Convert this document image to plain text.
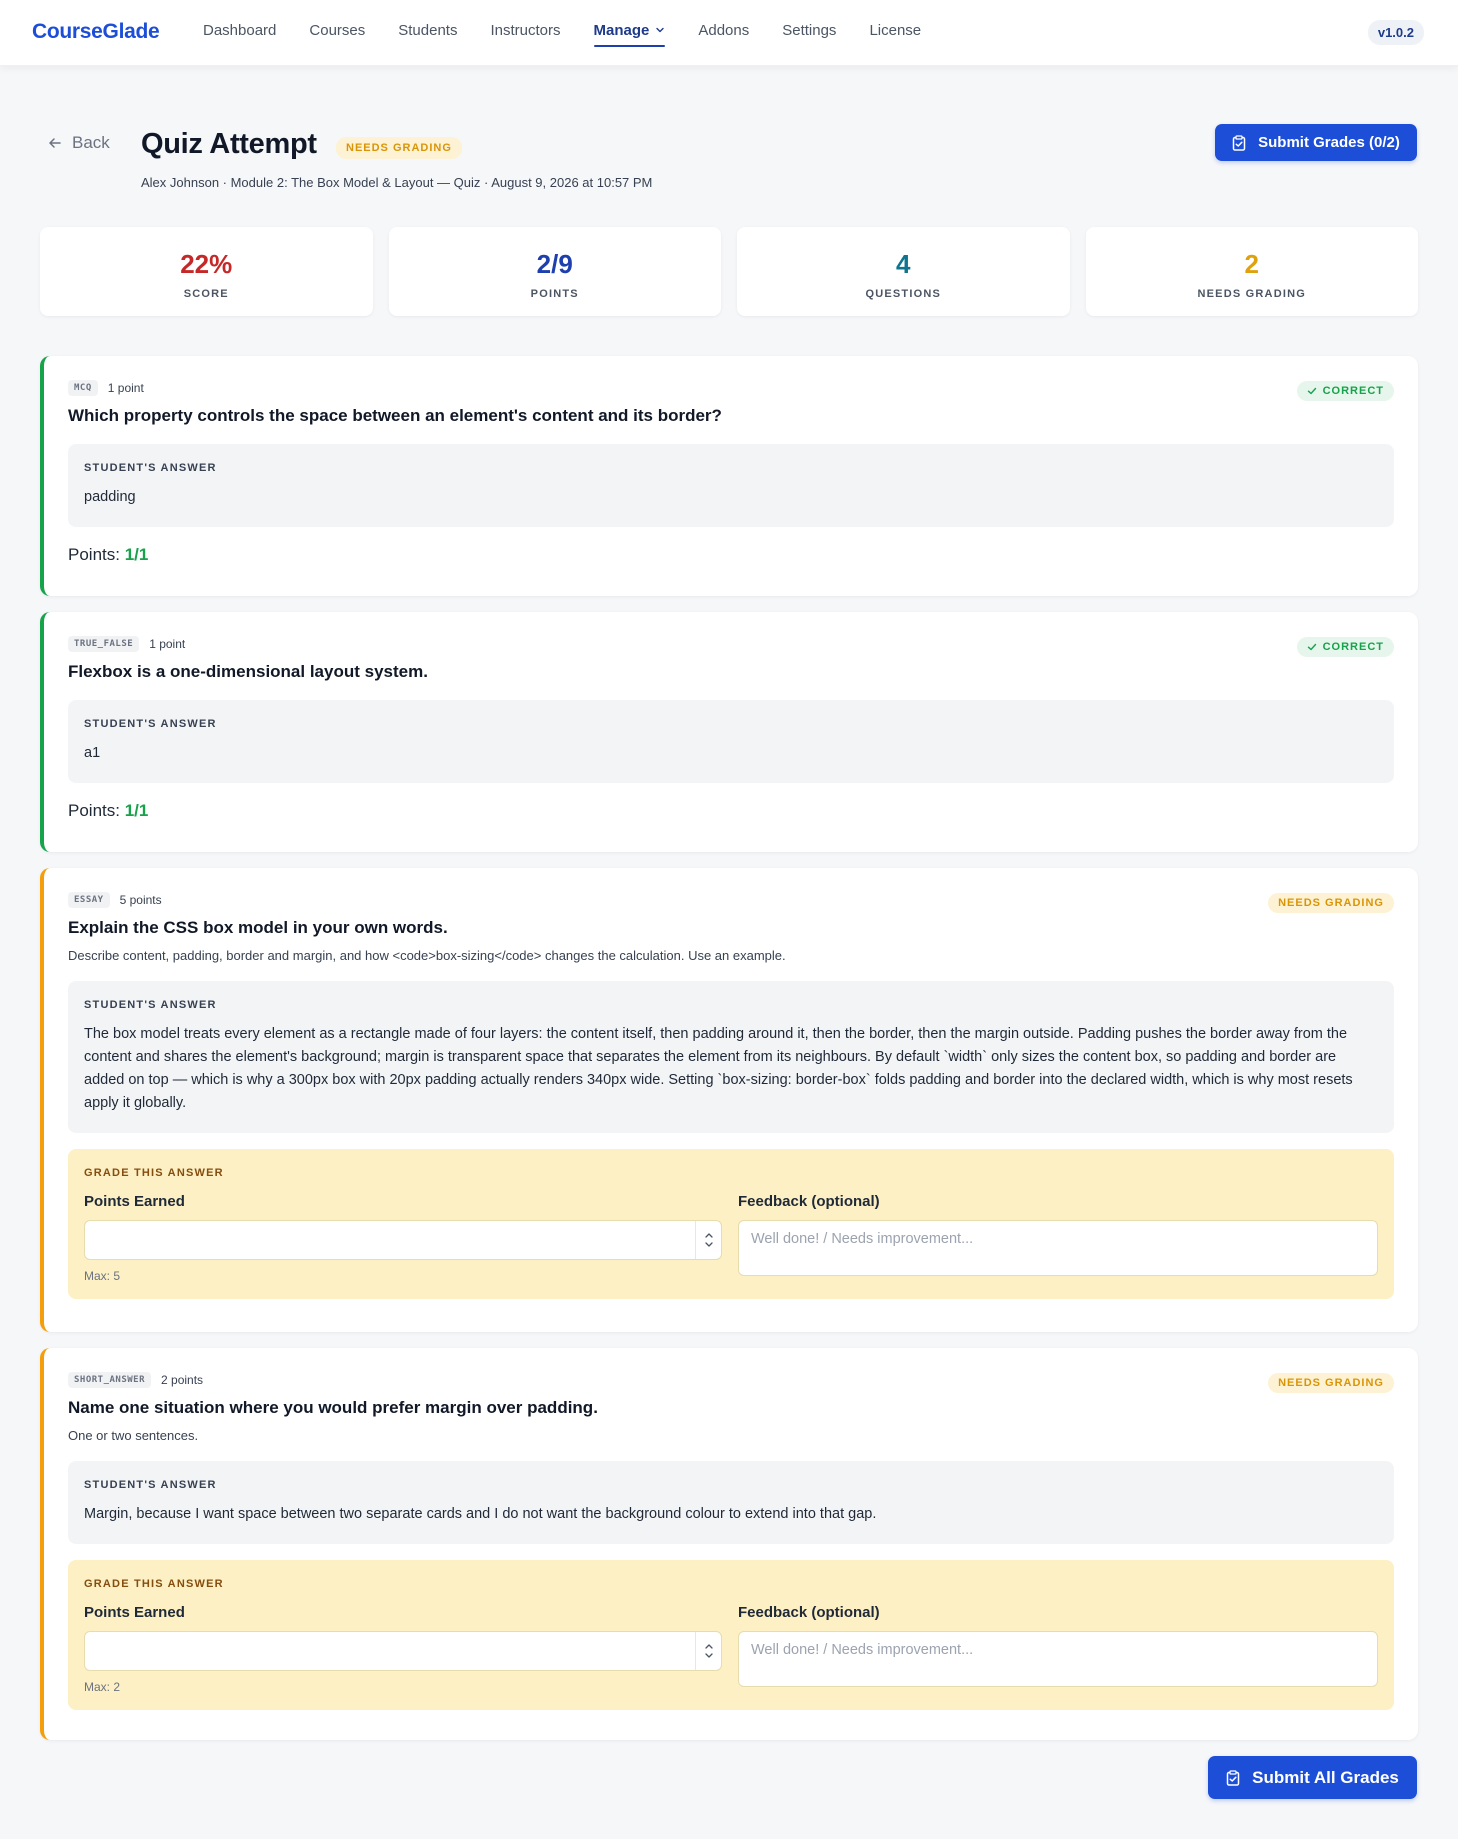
CourseGlade	Dashboard Courses Students Instructors Manage	Addons Settings License	v1.0.2
Back Quiz Attempt	NEEDS GRADING
Alex Johnson · Module 2: The Box Model & Layout — Quiz · August 9, 2026 at 10:57 PM
Submit Grades (0/2)
22%
SCORE
2/9
POINTS
4
QUESTIONS
2
NEEDS GRADING
MCQ	1 point	CORRECT
Which property controls the space between an element's content and its border?
STUDENT'S ANSWER
padding
Points: 1/1
TRUE_FALSE	1 point	CORRECT
Flexbox is a one-dimensional layout system.
STUDENT'S ANSWER
a1
Points: 1/1
ESSAY	5 points	NEEDS GRADING
Explain the CSS box model in your own words.
Describe content, padding, border and margin, and how <code>box-sizing</code> changes the calculation. Use an example.
STUDENT'S ANSWER
The box model treats every element as a rectangle made of four layers: the content itself, then padding around it, then the border, then the margin outside. Padding pushes the border away from the content and shares the element's background; margin is transparent space that separates the element from its neighbours. By default `width` only sizes the content box, so padding and border are added on top — which is why a 300px box with 20px padding actually renders 340px wide. Setting `box-sizing: border-box` folds padding and border into the declared width, which is why most resets apply it globally.
GRADE THIS ANSWER
Points Earned
Max: 5
Feedback (optional)
Well done! / Needs improvement...
SHORT_ANSWER	2 points	NEEDS GRADING
Name one situation where you would prefer margin over padding.
One or two sentences.
STUDENT'S ANSWER
Margin, because I want space between two separate cards and I do not want the background colour to extend into that gap.
GRADE THIS ANSWER
Points Earned
Max: 2
Feedback (optional)
Well done! / Needs improvement...
Submit All Grades
